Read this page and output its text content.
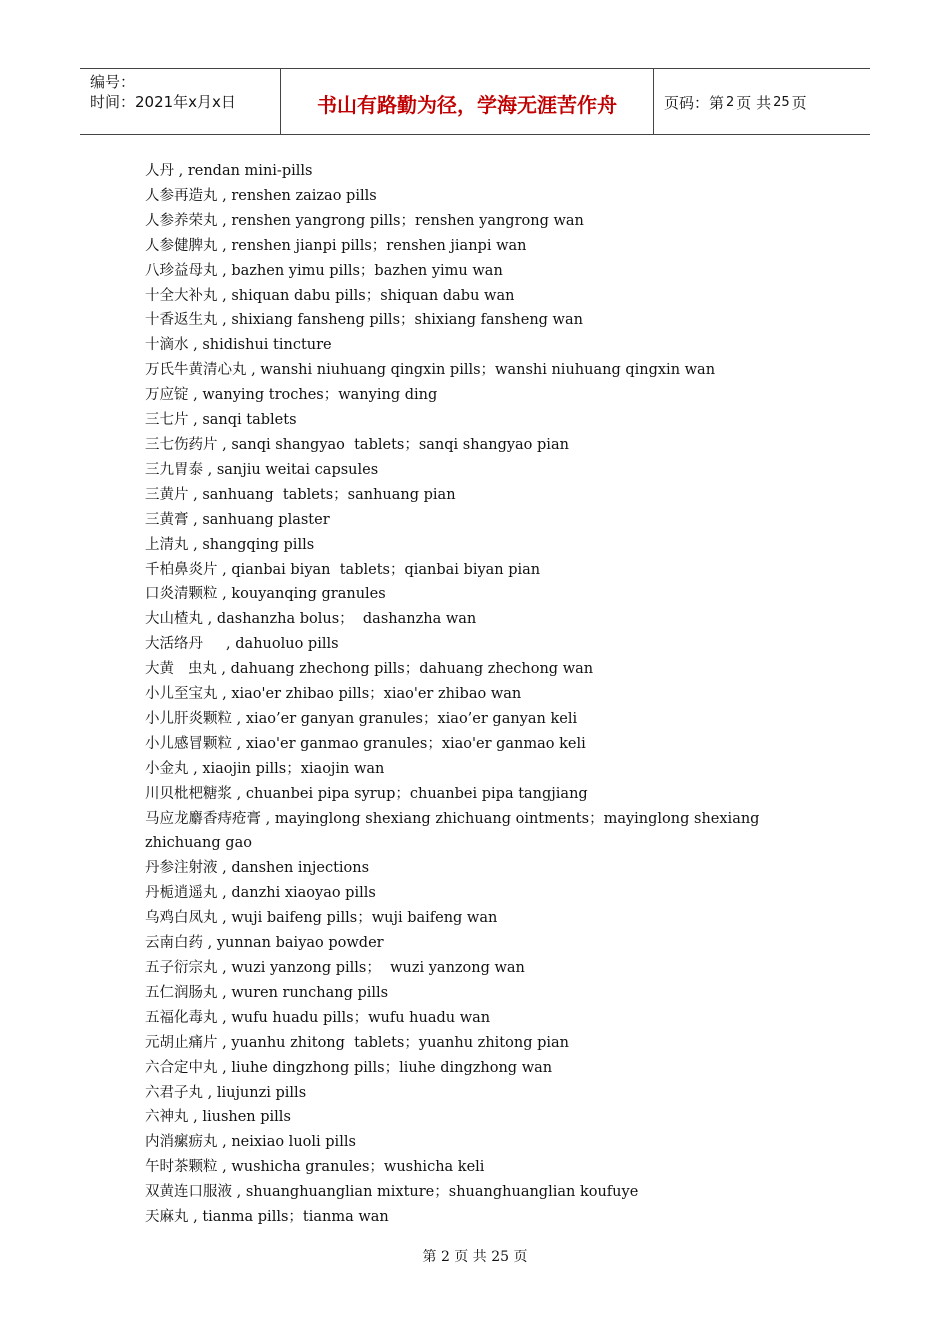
编号：
时间：2021年x月x日	书山有路勤为径，学海无涯苦作舟	页码：第 2 页 共 25 页
人丹 , rendan mini-pills
人参再造丸 , renshen zaizao pills
人参养荣丸 , renshen yangrong pills；renshen yangrong wan
人参健脾丸 , renshen jianpi pills；renshen jianpi wan
八珍益母丸 , bazhen yimu pills；bazhen yimu wan
十全大补丸 , shiquan dabu pills；shiquan dabu wan
十香返生丸 , shixiang fansheng pills；shixiang fansheng wan
十滴水 , shidishui tincture
万氏牛黄清心丸 , wanshi niuhuang qingxin pills；wanshi niuhuang qingxin wan
万应锭 , wanying troches；wanying ding
三七片 , sanqi tablets
三七伤药片 , sanqi shangyao  tablets；sanqi shangyao pian
三九胃泰 , sanjiu weitai capsules
三黄片 , sanhuang  tablets；sanhuang pian
三黄膏 , sanhuang plaster
上清丸 , shangqing pills
千柏鼻炎片 , qianbai biyan  tablets；qianbai biyan pian
口炎清颗粒 , kouyanqing granules
大山楂丸 , dashanzha bolus；  dashanzha wan
大活络丹     , dahuoluo pills
大黄   虫丸 , dahuang zhechong pills；dahuang zhechong wan
小儿至宝丸 , xiao'er zhibao pills；xiao'er zhibao wan
小儿肝炎颗粒 , xiao’er ganyan granules；xiao’er ganyan keli
小儿感冒颗粒 , xiao'er ganmao granules；xiao'er ganmao keli
小金丸 , xiaojin pills；xiaojin wan
川贝枇杷糖浆 , chuanbei pipa syrup；chuanbei pipa tangjiang
马应龙麝香痔疮膏 , mayinglong shexiang zhichuang ointments；mayinglong shexiang zhichuang gao
丹参注射液 , danshen injections
丹栀逍遥丸 , danzhi xiaoyao pills
乌鸡白凤丸 , wuji baifeng pills；wuji baifeng wan
云南白药 , yunnan baiyao powder
五子衍宗丸 , wuzi yanzong pills；  wuzi yanzong wan
五仁润肠丸 , wuren runchang pills
五福化毒丸 , wufu huadu pills；wufu huadu wan
元胡止痛片 , yuanhu zhitong  tablets；yuanhu zhitong pian
六合定中丸 , liuhe dingzhong pills；liuhe dingzhong wan
六君子丸 , liujunzi pills
六神丸 , liushen pills
内消瘰疬丸 , neixiao luoli pills
午时茶颗粒 , wushicha granules；wushicha keli
双黄连口服液 , shuanghuanglian mixture；shuanghuanglian koufuye
天麻丸 , tianma pills；tianma wan
第 2 页 共 25 页
